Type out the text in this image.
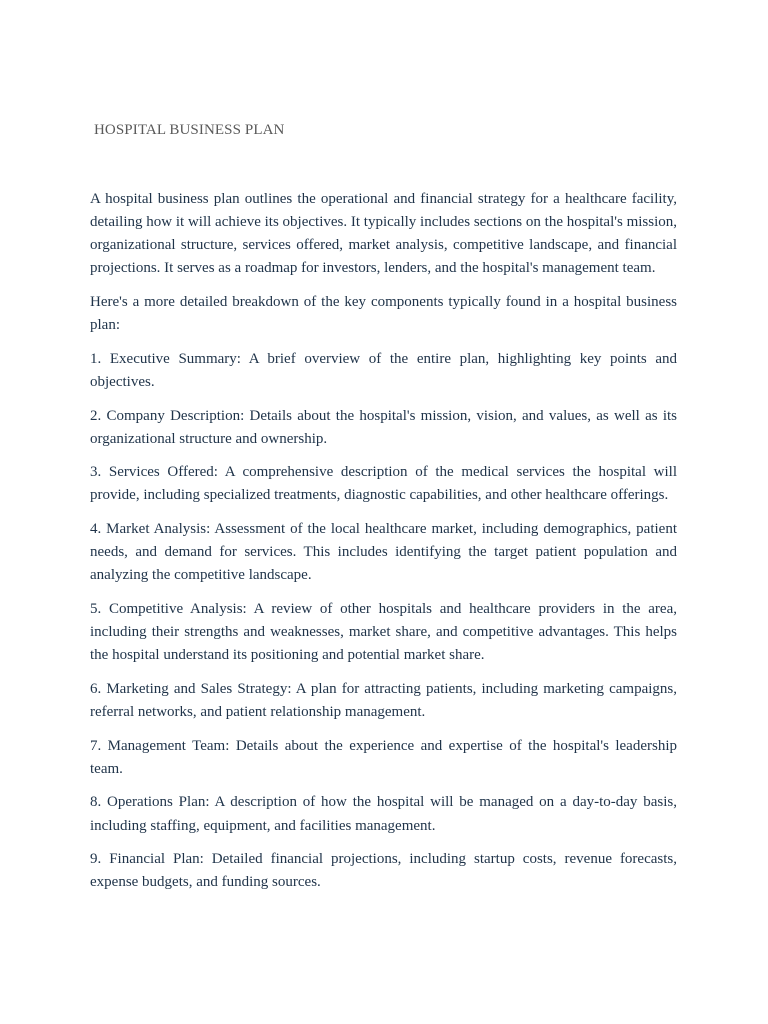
HOSPITAL BUSINESS PLAN

A hospital business plan outlines the operational and financial strategy for a healthcare facility, detailing how it will achieve its objectives. It typically includes sections on the hospital's mission, organizational structure, services offered, market analysis, competitive landscape, and financial projections. It serves as a roadmap for investors, lenders, and the hospital's management team.

Here's a more detailed breakdown of the key components typically found in a hospital business plan:

1. Executive Summary: A brief overview of the entire plan, highlighting key points and objectives.

2. Company Description: Details about the hospital's mission, vision, and values, as well as its organizational structure and ownership.

3. Services Offered: A comprehensive description of the medical services the hospital will provide, including specialized treatments, diagnostic capabilities, and other healthcare offerings.

4. Market Analysis: Assessment of the local healthcare market, including demographics, patient needs, and demand for services. This includes identifying the target patient population and analyzing the competitive landscape.

5. Competitive Analysis: A review of other hospitals and healthcare providers in the area, including their strengths and weaknesses, market share, and competitive advantages. This helps the hospital understand its positioning and potential market share.

6. Marketing and Sales Strategy: A plan for attracting patients, including marketing campaigns, referral networks, and patient relationship management.

7. Management Team: Details about the experience and expertise of the hospital's leadership team.

8. Operations Plan: A description of how the hospital will be managed on a day-to-day basis, including staffing, equipment, and facilities management.

9. Financial Plan: Detailed financial projections, including startup costs, revenue forecasts, expense budgets, and funding sources.
